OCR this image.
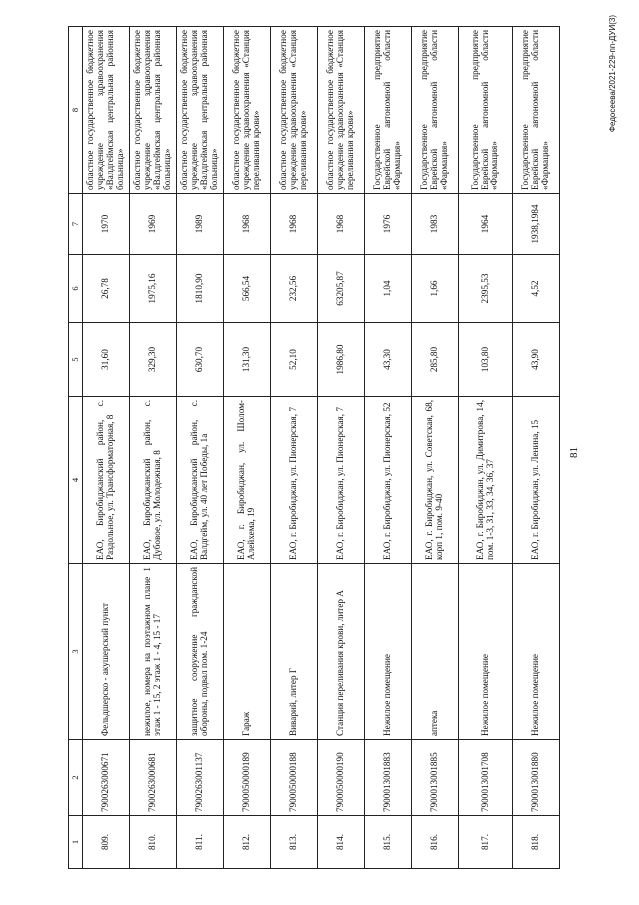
1	2	3	4	5	6	7	8
809.	7900263000671	Фельдшерско - акушерский пункт	ЕАО, Биробиджанский район, с. Раздольное, ул. Трансформаторная, 8	31,60	26,78	1970	областное государственное бюджетное учреждение здравоохранения «Валдгеймская центральная районная больница»
810.	7900263000681	нежилое, номера на поэтажном плане 1 этаж 1 - 15, 2 этаж 1 - 4, 15 - 17	ЕАО, Биробиджанский район, с. Дубовое, ул. Молодежная, 8	329,30	1975,16	1969	областное государственное бюджетное учреждение здравоохранения «Валдгеймская центральная районная больница»
811.	7900263001137	защитное сооружение гражданской обороны, подвал пом. 1-24	ЕАО, Биробиджанский район, с. Валдгейм, ул. 40 лет Победы, 1а	630,70	1810,90	1989	областное государственное бюджетное учреждение здравоохранения «Валдгеймская центральная районная больница»
812.	7900050000189	Гараж	ЕАО, г. Биробиджан, ул. Шолом-Алейхема, 19	131,30	566,54	1968	областное государственное бюджетное учреждение здравоохранения «Станция переливания крови»
813.	7900050000188	Виварий, литер Г	ЕАО, г. Биробиджан, ул. Пионерская, 7	52,10	232,56	1968	областное государственное бюджетное учреждение здравоохранения «Станция переливания крови»
814.	7900050000190	Станция переливания крови, литер А	ЕАО, г. Биробиджан, ул. Пионерская, 7	1986,80	63205,87	1968	областное государственное бюджетное учреждение здравоохранения «Станция переливания крови»
815.	7900013001883	Нежилое помещение	ЕАО, г. Биробиджан, ул. Пионерская, 52	43,30	1,04	1976	Государственное предприятие Еврейской автономной области «Фармация»
816.	7900013001885	аптека	ЕАО, г. Биробиджан, ул. Советская, 68, корп 1, пом. 9-40	285,80	1,66	1983	Государственное предприятие Еврейской автономной области «Фармация»
817.	7900013001708	Нежилое помещение	ЕАО, г. Биробиджан, ул. Димитрова, 14, пом. 1-3, 31, 33, 34, 36, 37	103,80	2395,53	1964	Государственное предприятие Еврейской автономной области «Фармация»
818.	7900013001880	Нежилое помещение	ЕАО, г. Биробиджан, ул. Ленина, 15	43,90	4,52	1938,1984	Государственное предприятие Еврейской автономной области «Фармация»
81
Федосеева/2021-229-пп-ДУИ(3)
